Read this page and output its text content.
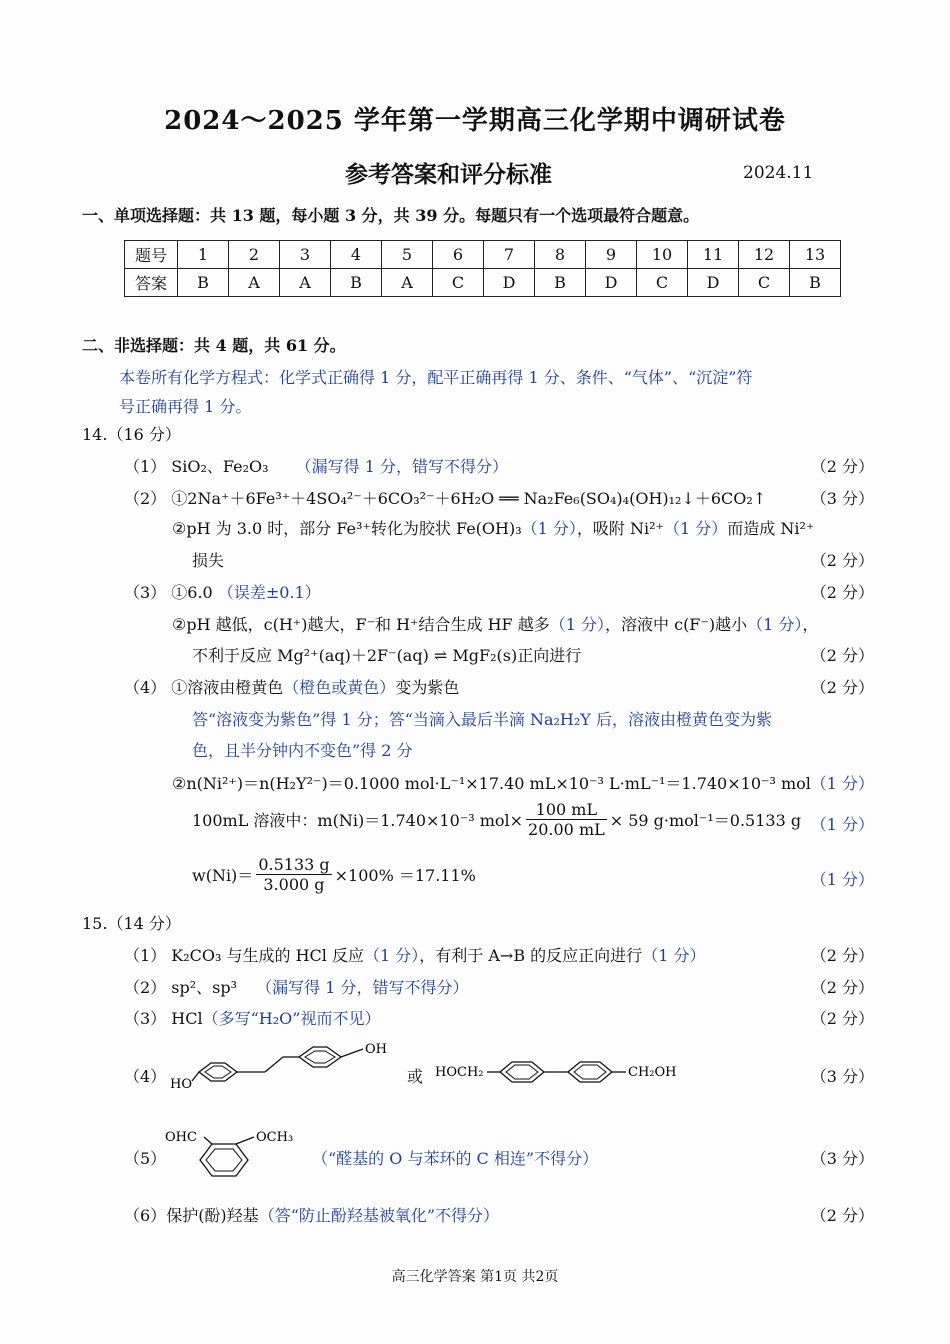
2024～2025 学年第一学期高三化学期中调研试卷
参考答案和评分标准	2024.11
一、单项选择题：共 13 题，每小题 3 分，共 39 分。每题只有一个选项最符合题意。
题号	1	2	3	4	5	6	7	8	9	10	11	12	13
答案	B	A	A	B	A	C	D	B	D	C	D	C	B
二、非选择题：共 4 题，共 61 分。
本卷所有化学方程式：化学式正确得 1 分，配平正确再得 1 分、条件、“气体”、“沉淀”符
号正确再得 1 分。
14.（16 分）
（1） SiO₂、Fe₂O₃ （漏写得 1 分，错写不得分）	（2 分）
（2） ①2Na⁺＋6Fe³⁺＋4SO₄²⁻＋6CO₃²⁻＋6H₂O ══ Na₂Fe₆(SO₄)₄(OH)₁₂↓＋6CO₂↑	（3 分）
②pH 为 3.0 时，部分 Fe³⁺转化为胶状 Fe(OH)₃（1 分），吸附 Ni²⁺（1 分）而造成 Ni²⁺
损失	（2 分）
（3） ①6.0 （误差±0.1）	（2 分）
②pH 越低，c(H⁺)越大，F⁻和 H⁺结合生成 HF 越多（1 分），溶液中 c(F⁻)越小（1 分），
不利于反应 Mg²⁺(aq)＋2F⁻(aq) ⇌ MgF₂(s)正向进行	（2 分）
（4） ①溶液由橙黄色（橙色或黄色）变为紫色	（2 分）
答“溶液变为紫色”得 1 分；答“当滴入最后半滴 Na₂H₂Y 后，溶液由橙黄色变为紫
色，且半分钟内不变色”得 2 分
②n(Ni²⁺)＝n(H₂Y²⁻)＝0.1000 mol·L⁻¹×17.40 mL×10⁻³ L·mL⁻¹＝1.740×10⁻³ mol （1 分）
100mL 溶液中：m(Ni)＝1.740×10⁻³ $mol\times \frac{100 mL}{20.00 mL} \times 59$ g·mol⁻¹＝0.5133 g （1 分）
$w(Ni)= \frac{0.5133 g}{3.000 g} \times 100\% =17.11\%$	（1 分）
15.（14 分）
（1） K₂CO₃ 与生成的 HCl 反应（1 分），有利于 A→B 的反应正向进行（1 分）	（2 分）
（2） sp²、sp³ （漏写得 1 分，错写不得分）	（2 分）
（3） HCl（多写“H₂O”视而不见）	（2 分）
（4）	（3 分）
OH
HO	或 HOCH₂	CH₂OH
（5）
OHC	OCH₃
（“醛基的 O 与苯环的 C 相连”不得分）	（3 分）
（6）保护(酚)羟基（答“防止酚羟基被氧化”不得分）	（2 分）
高三化学答案 第1页 共2页
